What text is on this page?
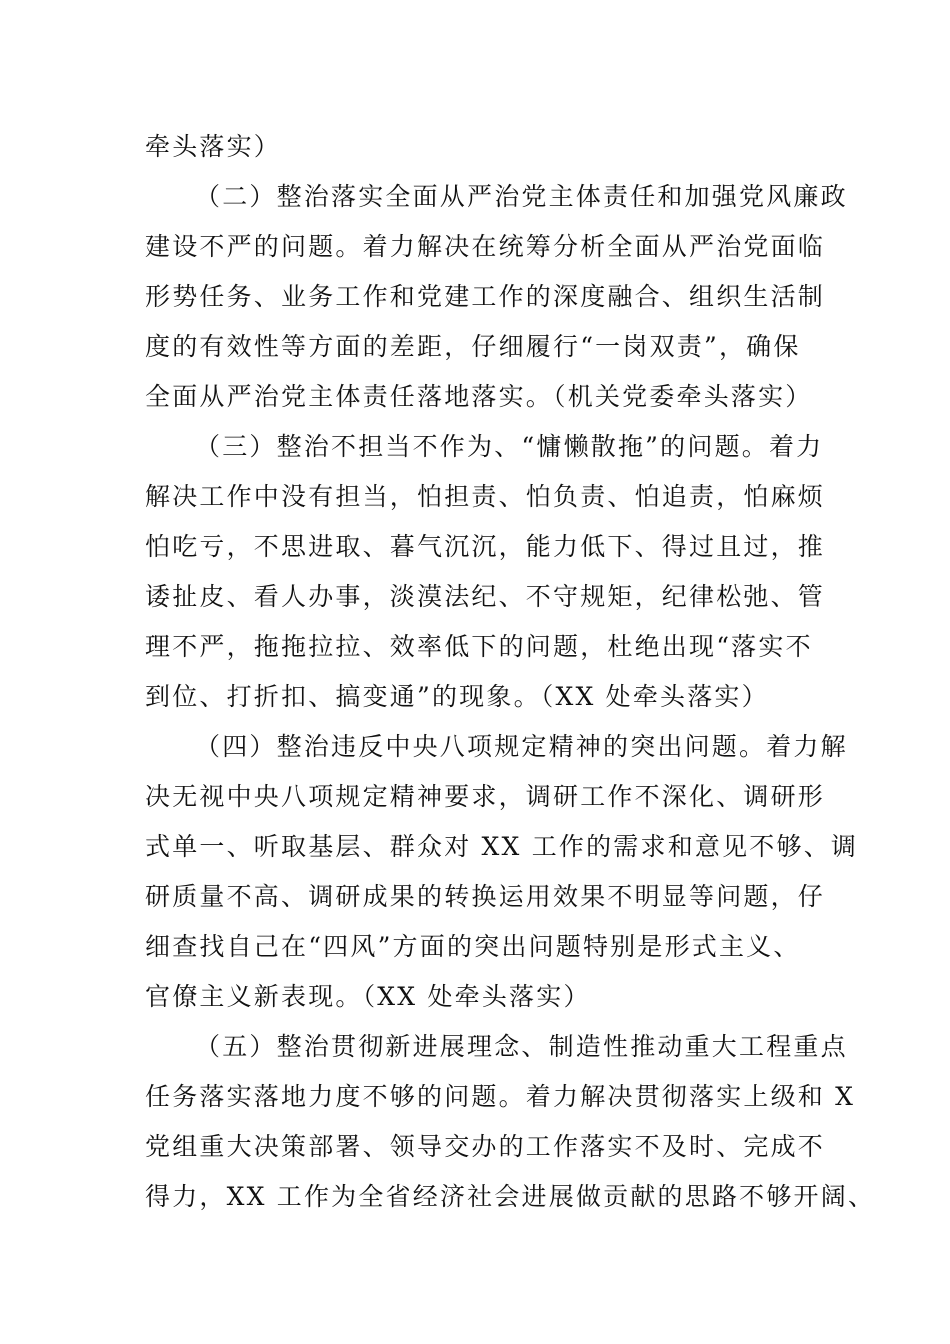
牵头落实）
（二）整治落实全面从严治党主体责任和加强党风廉政
建设不严的问题。着力解决在统筹分析全面从严治党面临
形势任务、业务工作和党建工作的深度融合、组织生活制
度的有效性等方面的差距，仔细履行“一岗双责”，确保
全面从严治党主体责任落地落实。（机关党委牵头落实）
（三）整治不担当不作为、“慵懒散拖”的问题。着力
解决工作中没有担当，怕担责、怕负责、怕追责，怕麻烦
怕吃亏，不思进取、暮气沉沉，能力低下、得过且过，推
诿扯皮、看人办事，淡漠法纪、不守规矩，纪律松弛、管
理不严，拖拖拉拉、效率低下的问题，杜绝出现“落实不
到位、打折扣、搞变通”的现象。（XX 处牵头落实）
（四）整治违反中央八项规定精神的突出问题。着力解
决无视中央八项规定精神要求，调研工作不深化、调研形
式单一、听取基层、群众对 XX 工作的需求和意见不够、调
研质量不高、调研成果的转换运用效果不明显等问题，仔
细查找自己在“四风”方面的突出问题特别是形式主义、
官僚主义新表现。（XX 处牵头落实）
（五）整治贯彻新进展理念、制造性推动重大工程重点
任务落实落地力度不够的问题。着力解决贯彻落实上级和 X
党组重大决策部署、领导交办的工作落实不及时、完成不
得力，XX 工作为全省经济社会进展做贡献的思路不够开阔、
